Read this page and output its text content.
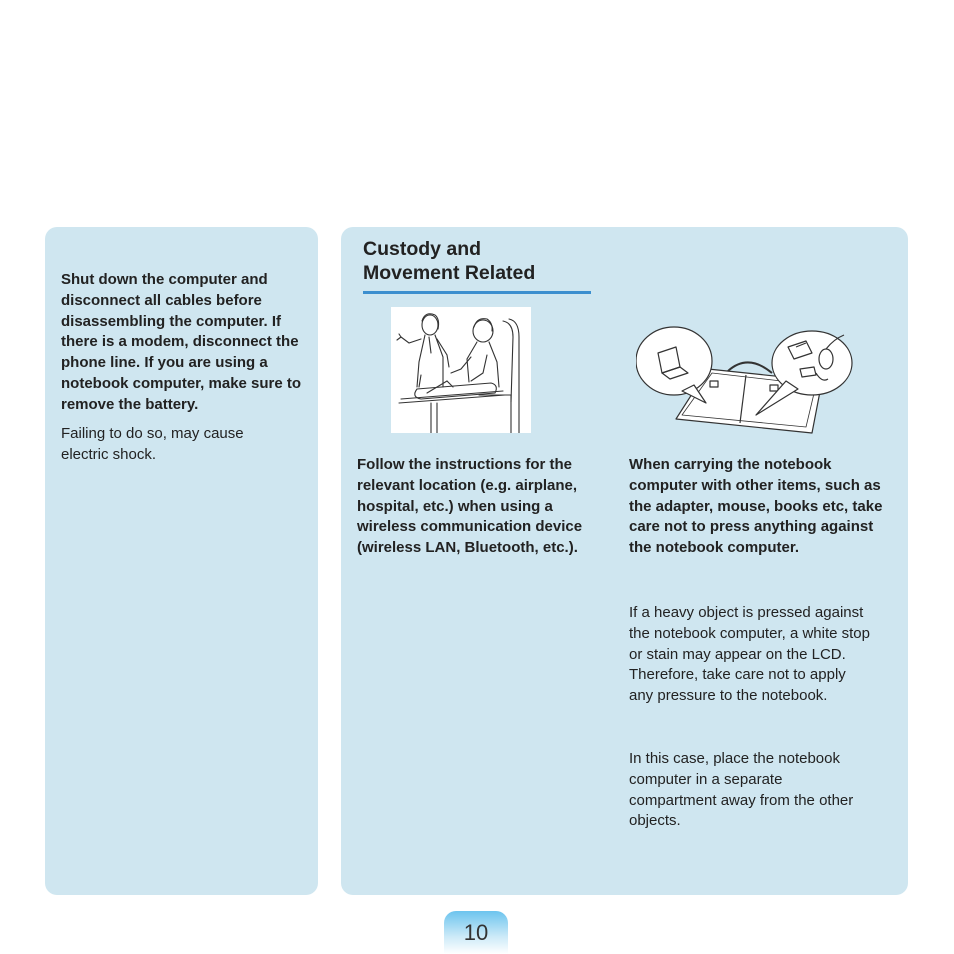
Shut down the computer and disconnect all cables before disassembling the computer. If there is a modem, disconnect the phone line. If you are using a notebook computer, make sure to remove the battery.

Failing to do so, may cause electric shock.

Custody and
Movement Related

Follow the instructions for the relevant location (e.g. airplane, hospital, etc.) when using a wireless communication device (wireless LAN, Bluetooth, etc.).

When carrying the notebook computer with other items, such as the adapter, mouse, books etc, take care not to press anything against the notebook computer.

If a heavy object is pressed against the notebook computer, a white stop or stain may appear on the LCD. Therefore, take care not to apply any pressure to the notebook.

In this case, place the notebook computer in a separate compartment away from the other objects.

10
